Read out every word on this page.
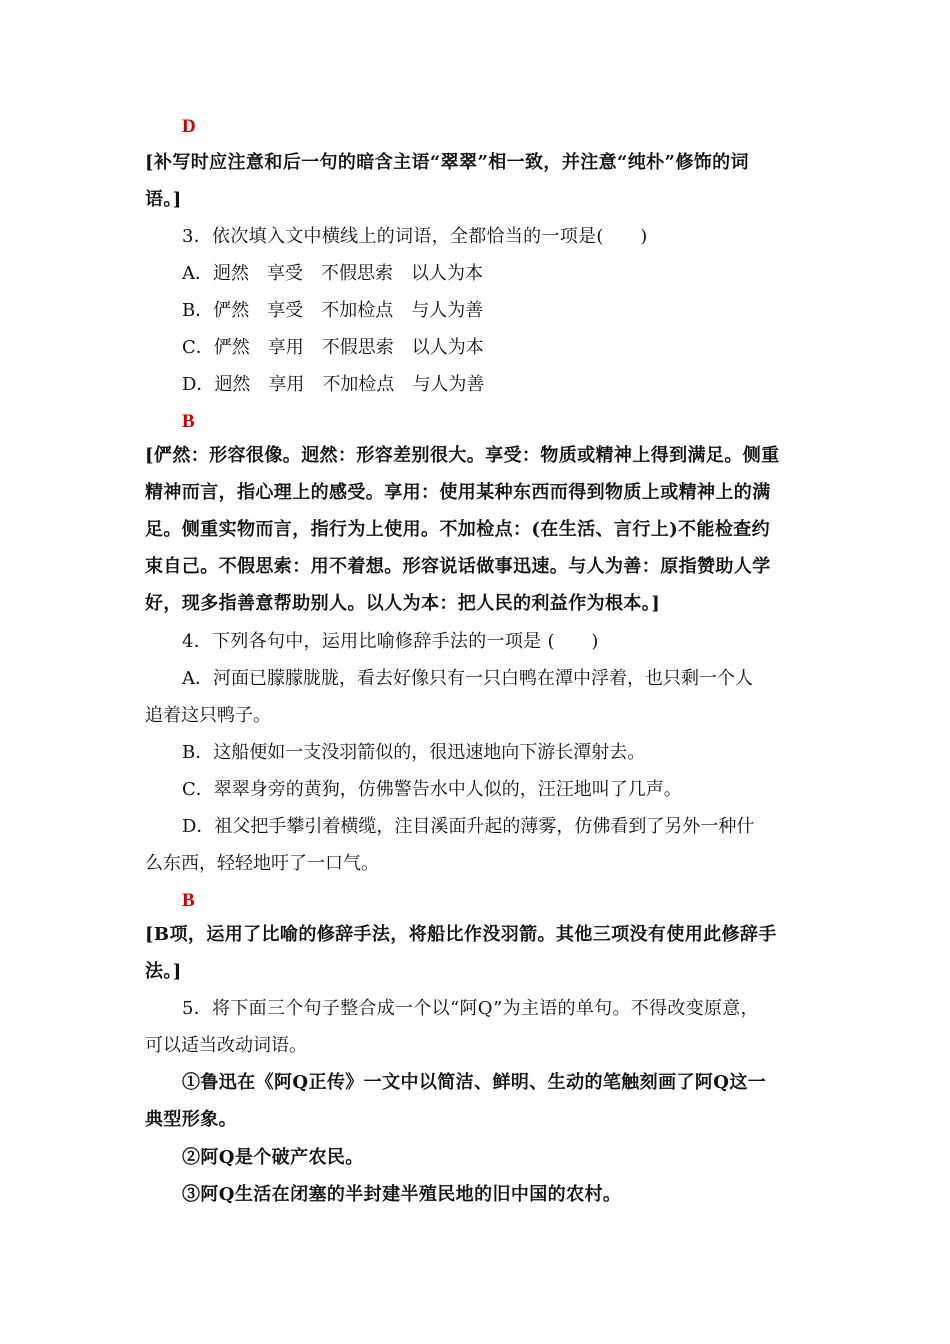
D
[补写时应注意和后一句的暗含主语“翠翠”相一致，并注意“纯朴”修饰的词
语。]
3．依次填入文中横线上的词语，全都恰当的一项是(　　)
A．迥然 享受 不假思索 以人为本
B．俨然 享受 不加检点 与人为善
C．俨然 享用 不假思索 以人为本
D．迥然 享用 不加检点 与人为善
B
[俨然：形容很像。迥然：形容差别很大。享受：物质或精神上得到满足。侧重
精神而言，指心理上的感受。享用：使用某种东西而得到物质上或精神上的满
足。侧重实物而言，指行为上使用。不加检点：(在生活、言行上)不能检查约
束自己。不假思索：用不着想。形容说话做事迅速。与人为善：原指赞助人学
好，现多指善意帮助别人。以人为本：把人民的利益作为根本。]
4．下列各句中，运用比喻修辞手法的一项是 (　　)
A．河面已朦朦胧胧，看去好像只有一只白鸭在潭中浮着，也只剩一个人
追着这只鸭子。
B．这船便如一支没羽箭似的，很迅速地向下游长潭射去。
C．翠翠身旁的黄狗，仿佛警告水中人似的，汪汪地叫了几声。
D．祖父把手攀引着横缆，注目溪面升起的薄雾，仿佛看到了另外一种什
么东西，轻轻地吁了一口气。
B
[B项，运用了比喻的修辞手法，将船比作没羽箭。其他三项没有使用此修辞手
法。]
5．将下面三个句子整合成一个以“阿Q”为主语的单句。不得改变原意，
可以适当改动词语。
①鲁迅在《阿Q正传》一文中以简洁、鲜明、生动的笔触刻画了阿Q这一
典型形象。
②阿Q是个破产农民。
③阿Q生活在闭塞的半封建半殖民地的旧中国的农村。
